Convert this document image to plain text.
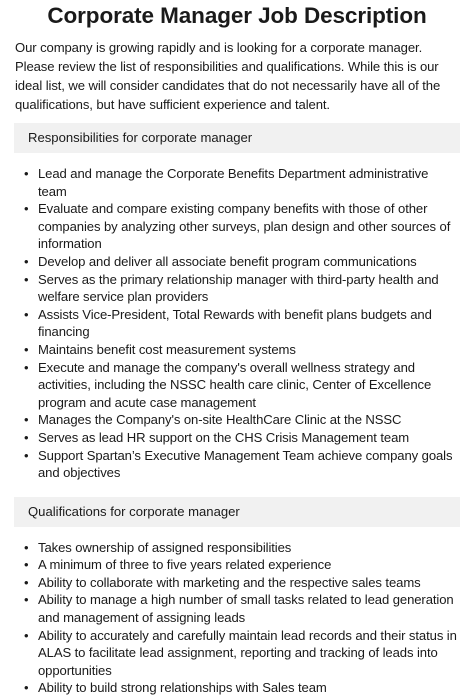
Corporate Manager Job Description

Our company is growing rapidly and is looking for a corporate manager. Please review the list of responsibilities and qualifications. While this is our ideal list, we will consider candidates that do not necessarily have all of the qualifications, but have sufficient experience and talent.

Responsibilities for corporate manager
• Lead and manage the Corporate Benefits Department administrative team
• Evaluate and compare existing company benefits with those of other companies by analyzing other surveys, plan design and other sources of information
• Develop and deliver all associate benefit program communications
• Serves as the primary relationship manager with third-party health and welfare service plan providers
• Assists Vice-President, Total Rewards with benefit plans budgets and financing
• Maintains benefit cost measurement systems
• Execute and manage the company's overall wellness strategy and activities, including the NSSC health care clinic, Center of Excellence program and acute case management
• Manages the Company's on-site HealthCare Clinic at the NSSC
• Serves as lead HR support on the CHS Crisis Management team
• Support Spartan’s Executive Management Team achieve company goals and objectives
Qualifications for corporate manager
• Takes ownership of assigned responsibilities
• A minimum of three to five years related experience
• Ability to collaborate with marketing and the respective sales teams
• Ability to manage a high number of small tasks related to lead generation and management of assigning leads
• Ability to accurately and carefully maintain lead records and their status in ALAS to facilitate lead assignment, reporting and tracking of leads into opportunities
• Ability to build strong relationships with Sales team
